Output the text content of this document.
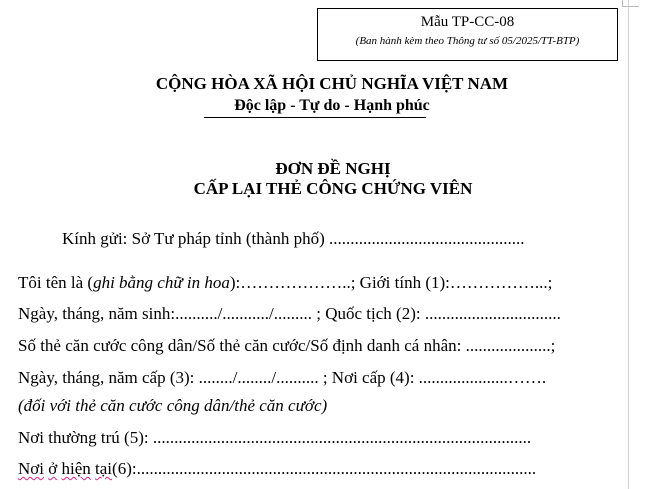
Mẫu TP-CC-08
(Ban hành kèm theo Thông tư số 05/2025/TT-BTP)
CỘNG HÒA XÃ HỘI CHỦ NGHĨA VIỆT NAM
Độc lập - Tự do - Hạnh phúc
ĐƠN ĐỀ NGHỊ
CẤP LẠI THẺ CÔNG CHỨNG VIÊN
Kính gửi: Sở Tư pháp tỉnh (thành phố) ..............................................
Tôi tên là (ghi bằng chữ in hoa):………………..; Giới tính (1):……………...;
Ngày, tháng, năm sinh:........../.........../......... ; Quốc tịch (2): ................................
Số thẻ căn cước công dân/Số thẻ căn cước/Số định danh cá nhân: ....................;
Ngày, tháng, năm cấp (3): ......../......../.......... ; Nơi cấp (4): .....................…….
(đối với thẻ căn cước công dân/thẻ căn cước)
Nơi thường trú (5): .........................................................................................
Nơi ở hiện tại(6):..............................................................................................
